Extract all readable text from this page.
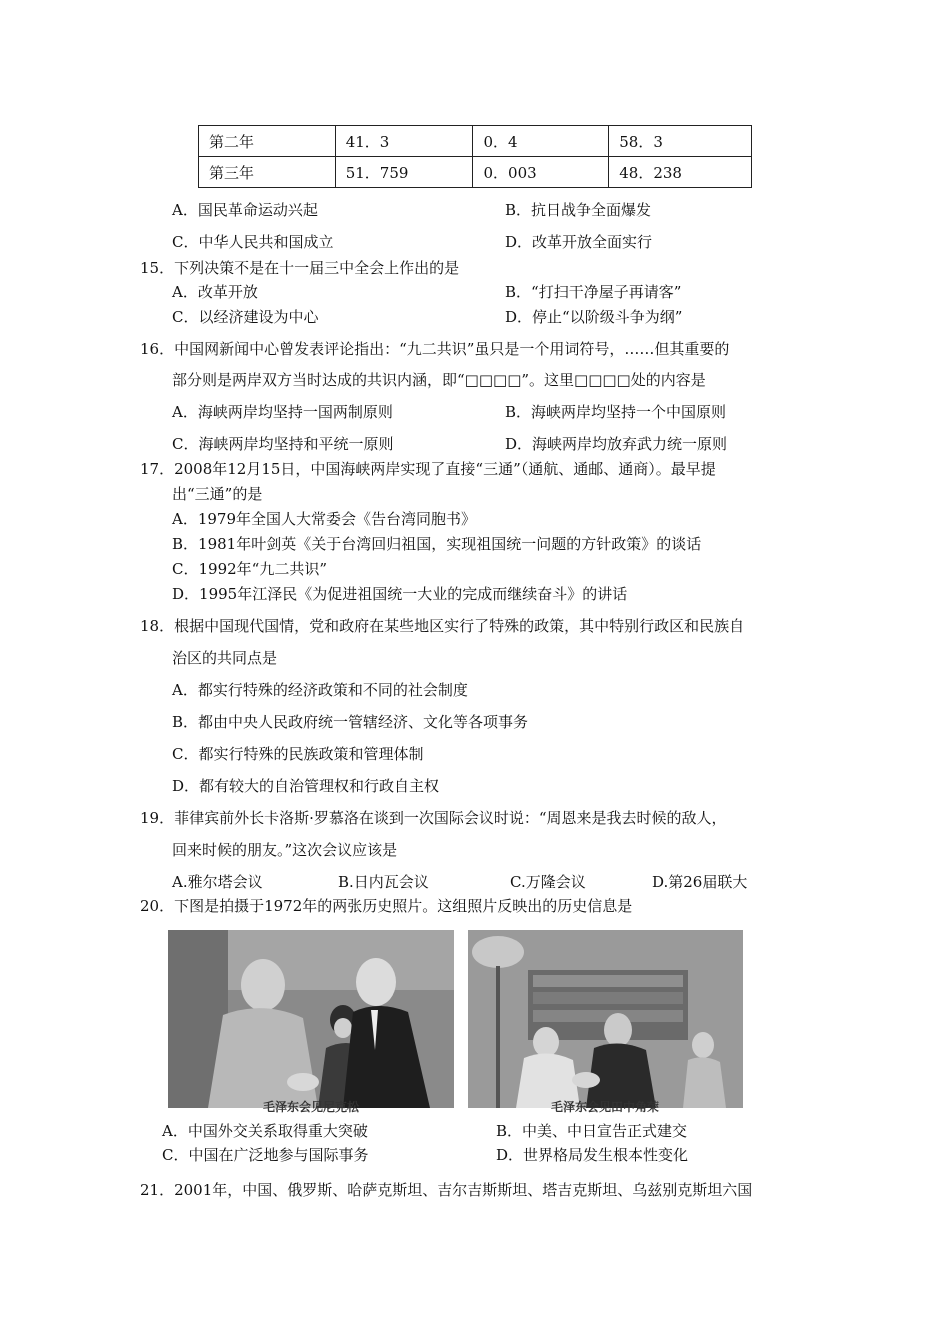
第二年	41．3	0．4	58．3
第三年	51．759	0．003	48．238
A．国民革命运动兴起	B．抗日战争全面爆发
C．中华人民共和国成立	D．改革开放全面实行
15．下列决策不是在十一届三中全会上作出的是
A．改革开放	B．“打扫干净屋子再请客”
C．以经济建设为中心	D．停止“以阶级斗争为纲”
16．中国网新闻中心曾发表评论指出：“九二共识”虽只是一个用词符号，……但其重要的
部分则是两岸双方当时达成的共识内涵，即“□□□□”。这里□□□□处的内容是
A．海峡两岸均坚持一国两制原则	B．海峡两岸均坚持一个中国原则
C．海峡两岸均坚持和平统一原则	D．海峡两岸均放弃武力统一原则
17．2008年12月15日，中国海峡两岸实现了直接“三通”（通航、通邮、通商）。最早提
出“三通”的是
A．1979年全国人大常委会《告台湾同胞书》
B．1981年叶剑英《关于台湾回归祖国，实现祖国统一问题的方针政策》的谈话
C．1992年“九二共识”
D．1995年江泽民《为促进祖国统一大业的完成而继续奋斗》的讲话
18．根据中国现代国情，党和政府在某些地区实行了特殊的政策，其中特别行政区和民族自
治区的共同点是
A．都实行特殊的经济政策和不同的社会制度
B．都由中央人民政府统一管辖经济、文化等各项事务
C．都实行特殊的民族政策和管理体制
D．都有较大的自治管理权和行政自主权
19．菲律宾前外长卡洛斯·罗慕洛在谈到一次国际会议时说：“周恩来是我去时候的敌人，
回来时候的朋友。”这次会议应该是
A.雅尔塔会议	B.日内瓦会议	C.万隆会议	D.第26届联大
20．下图是拍摄于1972年的两张历史照片。这组照片反映出的历史信息是
毛泽东会见尼克松	毛泽东会见田中角荣
A．中国外交关系取得重大突破	B．中美、中日宣告正式建交
C．中国在广泛地参与国际事务	D．世界格局发生根本性变化
21．2001年，中国、俄罗斯、哈萨克斯坦、吉尔吉斯斯坦、塔吉克斯坦、乌兹别克斯坦六国
